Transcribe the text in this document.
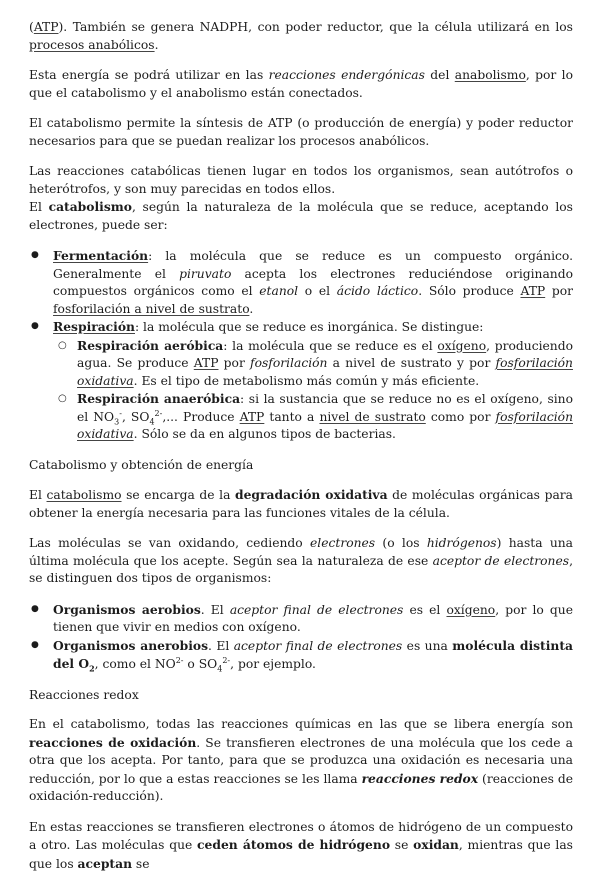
(ATP). También se genera NADPH, con poder reductor, que la célula utilizará en los procesos anabólicos.

Esta energía se podrá utilizar en las reacciones endergónicas del anabolismo, por lo que el catabolismo y el anabolismo están conectados.

El catabolismo permite la síntesis de ATP (o producción de energía) y poder reductor necesarios para que se puedan realizar los procesos anabólicos.

Las reacciones catabólicas tienen lugar en todos los organismos, sean autótrofos o heterótrofos, y son muy parecidas en todos ellos.

El catabolismo, según la naturaleza de la molécula que se reduce, aceptando los electrones, puede ser:

● Fermentación: la molécula que se reduce es un compuesto orgánico. Generalmente el piruvato acepta los electrones reduciéndose originando compuestos orgánicos como el etanol o el ácido láctico. Sólo produce ATP por fosforilación a nivel de sustrato.
● Respiración: la molécula que se reduce es inorgánica. Se distingue:
○ Respiración aeróbica: la molécula que se reduce es el oxígeno, produciendo agua. Se produce ATP por fosforilación a nivel de sustrato y por fosforilación oxidativa. Es el tipo de metabolismo más común y más eficiente.
○ Respiración anaeróbica: si la sustancia que se reduce no es el oxígeno, sino el $NO_3^-$, $SO_4^{2-}$,... Produce ATP tanto a nivel de sustrato como por fosforilación oxidativa. Sólo se da en algunos tipos de bacterias.
Catabolismo y obtención de energía

El catabolismo se encarga de la degradación oxidativa de moléculas orgánicas para obtener la energía necesaria para las funciones vitales de la célula.

Las moléculas se van oxidando, cediendo electrones (o los hidrógenos) hasta una última molécula que los acepte. Según sea la naturaleza de ese aceptor de electrones, se distinguen dos tipos de organismos:

● Organismos aerobios. El aceptor final de electrones es el oxígeno, por lo que tienen que vivir en medios con oxígeno.
● Organismos anerobios. El aceptor final de electrones es una molécula distinta del $O_2$, como el $NO^{2-}$ o $SO_4^{2-}$, por ejemplo.
Reacciones redox

En el catabolismo, todas las reacciones químicas en las que se libera energía son reacciones de oxidación. Se transfieren electrones de una molécula que los cede a otra que los acepta. Por tanto, para que se produzca una oxidación es necesaria una reducción, por lo que a estas reacciones se les llama reacciones redox (reacciones de oxidación-reducción).

En estas reacciones se transfieren electrones o átomos de hidrógeno de un compuesto a otro. Las moléculas que ceden átomos de hidrógeno se oxidan, mientras que las que los aceptan se
